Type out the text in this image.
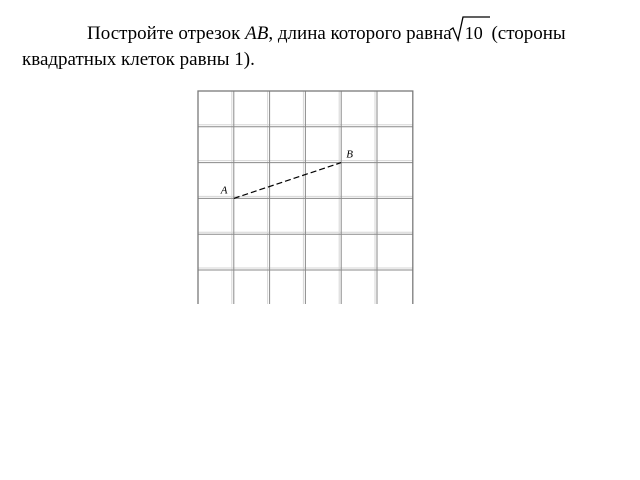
Постройте отрезок AB, длина которого равна 10 (стороны
квадратных клеток равны 1).
A
B
